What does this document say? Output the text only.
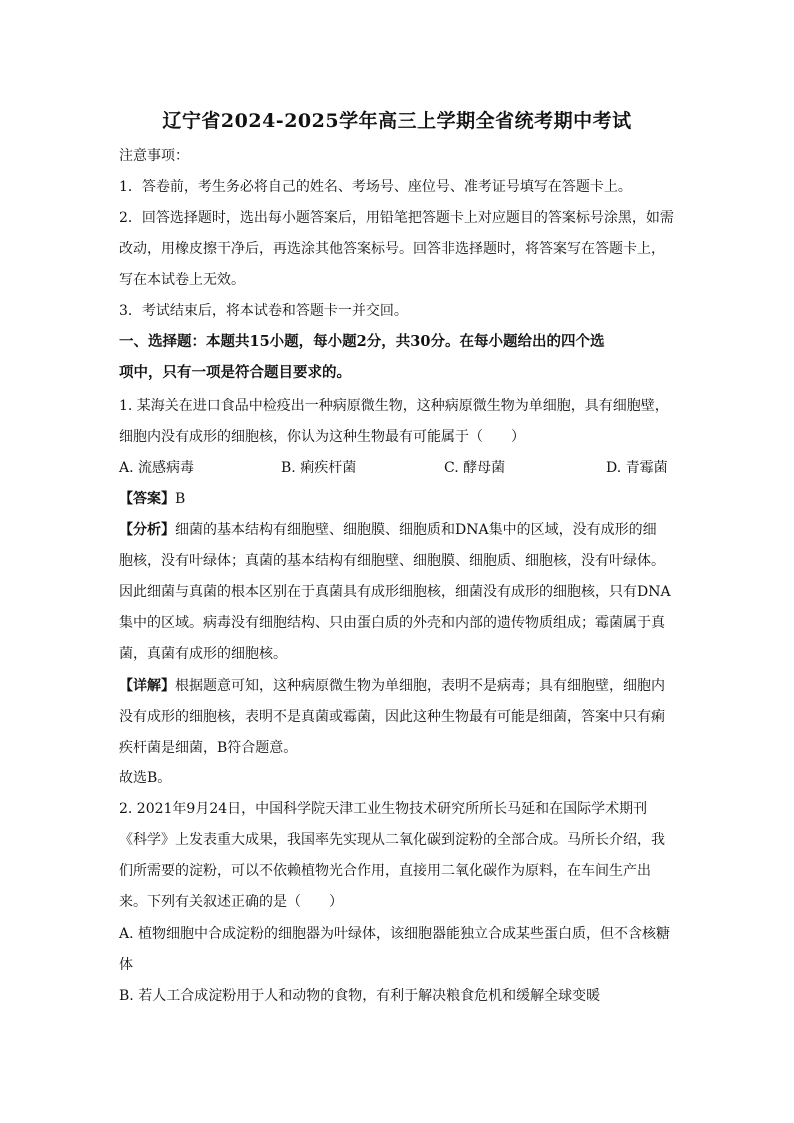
辽宁省2024-2025学年高三上学期全省统考期中考试
注意事项：
1．答卷前，考生务必将自己的姓名、考场号、座位号、准考证号填写在答题卡上。
2．回答选择题时，选出每小题答案后，用铅笔把答题卡上对应题目的答案标号涂黑，如需
改动，用橡皮擦干净后，再选涂其他答案标号。回答非选择题时，将答案写在答题卡上，
写在本试卷上无效。
3．考试结束后，将本试卷和答题卡一并交回。
一、选择题：本题共15小题，每小题2分，共30分。在每小题给出的四个选
项中，只有一项是符合题目要求的。
1. 某海关在进口食品中检疫出一种病原微生物，这种病原微生物为单细胞，具有细胞壁，
细胞内没有成形的细胞核，你认为这种生物最有可能属于（　　）
A. 流感病毒	B. 痢疾杆菌	C. 酵母菌	D. 青霉菌
【答案】B
【分析】细菌的基本结构有细胞壁、细胞膜、细胞质和DNA集中的区域，没有成形的细
胞核，没有叶绿体；真菌的基本结构有细胞壁、细胞膜、细胞质、细胞核，没有叶绿体。
因此细菌与真菌的根本区别在于真菌具有成形细胞核，细菌没有成形的细胞核，只有DNA
集中的区域。病毒没有细胞结构、只由蛋白质的外壳和内部的遗传物质组成；霉菌属于真
菌，真菌有成形的细胞核。
【详解】根据题意可知，这种病原微生物为单细胞，表明不是病毒；具有细胞壁，细胞内
没有成形的细胞核，表明不是真菌或霉菌，因此这种生物最有可能是细菌，答案中只有痢
疾杆菌是细菌，B符合题意。
故选B。
2. 2021年9月24日，中国科学院天津工业生物技术研究所所长马延和在国际学术期刊
《科学》上发表重大成果，我国率先实现从二氧化碳到淀粉的全部合成。马所长介绍，我
们所需要的淀粉，可以不依赖植物光合作用，直接用二氧化碳作为原料，在车间生产出
来。下列有关叙述正确的是（　　）
A. 植物细胞中合成淀粉的细胞器为叶绿体，该细胞器能独立合成某些蛋白质，但不含核糖
体
B. 若人工合成淀粉用于人和动物的食物，有利于解决粮食危机和缓解全球变暖
